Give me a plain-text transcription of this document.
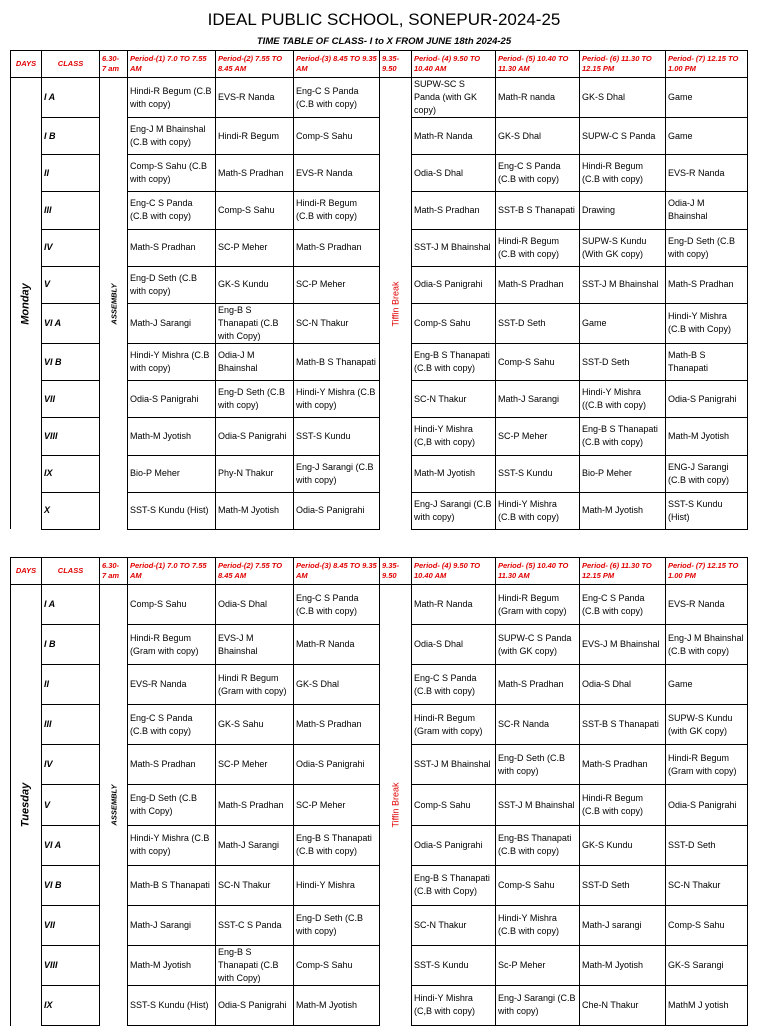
IDEAL PUBLIC SCHOOL, SONEPUR-2024-25
TIME TABLE OF CLASS- I to X FROM JUNE 18th 2024-25
DAYS	CLASS	6.30- 7 am	Period-(1) 7.0 TO 7.55 AM	Period-(2) 7.55 TO 8.45 AM	Period-(3) 8.45 TO 9.35 AM	9.35- 9.50	Period- (4) 9.50 TO 10.40 AM	Period- (5) 10.40 TO 11.30 AM	Period- (6) 11.30 TO 12.15 PM	Period- (7) 12.15 TO 1.00 PM

Monday	I A	ASSEMBLY	Hindi-R Begum (C.B with copy)	EVS-R Nanda	Eng-C S Panda (C.B with copy)	Tiffin Break	SUPW-SC S Panda (with GK copy)	Math-R nanda	GK-S Dhal	Game
	I B		Eng-J M Bhainshal (C.B with copy)	Hindi-R Begum	Comp-S Sahu		Math-R Nanda	GK-S Dhal	SUPW-C S Panda	Game
	II		Comp-S Sahu (C.B with copy)	Math-S Pradhan	EVS-R Nanda		Odia-S Dhal	Eng-C S Panda (C.B with copy)	Hindi-R Begum (C.B with copy)	EVS-R Nanda
	III		Eng-C S Panda (C.B with copy)	Comp-S Sahu	Hindi-R Begum (C.B with copy)		Math-S Pradhan	SST-B S Thanapati	Drawing	Odia-J M Bhainshal
	IV		Math-S Pradhan	SC-P Meher	Math-S Pradhan		SST-J M Bhainshal	Hindi-R Begum (C.B with copy)	SUPW-S Kundu (With GK copy)	Eng-D Seth (C.B with copy)
	V		Eng-D Seth (C.B with copy)	GK-S Kundu	SC-P Meher		Odia-S Panigrahi	Math-S Pradhan	SST-J M Bhainshal	Math-S Pradhan
	VI A		Math-J Sarangi	Eng-B S Thanapati (C.B with Copy)	SC-N Thakur		Comp-S Sahu	SST-D Seth	Game	Hindi-Y Mishra (C.B with Copy)
	VI B		Hindi-Y Mishra (C.B with copy)	Odia-J M Bhainshal	Math-B S Thanapati		Eng-B S Thanapati (C.B with copy)	Comp-S Sahu	SST-D Seth	Math-B S Thanapati
	VII		Odia-S Panigrahi	Eng-D Seth (C.B with copy)	Hindi-Y Mishra (C.B with copy)		SC-N Thakur	Math-J Sarangi	Hindi-Y Mishra ((C.B with copy)	Odia-S Panigrahi
	VIII		Math-M Jyotish	Odia-S Panigrahi	SST-S Kundu		Hindi-Y Mishra (C,B with copy)	SC-P Meher	Eng-B S Thanapati (C.B with copy)	Math-M Jyotish
	IX		Bio-P Meher	Phy-N Thakur	Eng-J Sarangi (C.B with copy)		Math-M Jyotish	SST-S Kundu	Bio-P Meher	ENG-J Sarangi (C.B with copy)
	X		SST-S Kundu (Hist)	Math-M Jyotish	Odia-S Panigrahi		Eng-J Sarangi (C.B with copy)	Hindi-Y Mishra (C.B with copy)	Math-M Jyotish	SST-S Kundu (Hist)
DAYS	CLASS	6.30- 7 am	Period-(1) 7.0 TO 7.55 AM	Period-(2) 7.55 TO 8.45 AM	Period-(3) 8.45 TO 9.35 AM	9.35- 9.50	Period- (4) 9.50 TO 10.40 AM	Period- (5) 10.40 TO 11.30 AM	Period- (6) 11.30 TO 12.15 PM	Period- (7) 12.15 TO 1.00 PM

Tuesday	I A	ASSEMBLY	Comp-S Sahu	Odia-S Dhal	Eng-C S Panda (C.B with copy)	Tiffin Break	Math-R Nanda	Hindi-R Begum (Gram with copy)	Eng-C S Panda (C.B with copy)	EVS-R Nanda
	I B		Hindi-R Begum (Gram with copy)	EVS-J M Bhainshal	Math-R Nanda		Odia-S Dhal	SUPW-C S Panda (with GK copy)	EVS-J M Bhainshal	Eng-J M Bhainshal (C.B with copy)
	II		EVS-R Nanda	Hindi R Begum (Gram with copy)	GK-S Dhal		Eng-C S Panda (C.B with copy)	Math-S Pradhan	Odia-S Dhal	Game
	III		Eng-C S Panda (C.B with copy)	GK-S Sahu	Math-S Pradhan		Hindi-R Begum (Gram with copy)	SC-R Nanda	SST-B S Thanapati	SUPW-S Kundu (with GK copy)
	IV		Math-S Pradhan	SC-P Meher	Odia-S Panigrahi		SST-J M Bhainshal	Eng-D Seth (C.B with copy)	Math-S Pradhan	Hindi-R Begum (Gram with copy)
	V		Eng-D Seth (C.B with Copy)	Math-S Pradhan	SC-P Meher		Comp-S Sahu	SST-J M Bhainshal	Hindi-R Begum (C.B with copy)	Odia-S Panigrahi
	VI A		Hindi-Y Mishra (C.B with copy)	Math-J Sarangi	Eng-B S Thanapati (C.B with copy)		Odia-S Panigrahi	Eng-BS Thanapati (C.B with copy)	GK-S Kundu	SST-D Seth
	VI B		Math-B S Thanapati	SC-N Thakur	Hindi-Y Mishra		Eng-B S Thanapati (C.B with Copy)	Comp-S Sahu	SST-D Seth	SC-N Thakur
	VII		Math-J Sarangi	SST-C S Panda	Eng-D Seth (C.B with copy)		SC-N Thakur	Hindi-Y Mishra (C.B with copy)	Math-J sarangi	Comp-S Sahu
	VIII		Math-M Jyotish	Eng-B S Thanapati (C.B with Copy)	Comp-S Sahu		SST-S Kundu	Sc-P Meher	Math-M Jyotish	GK-S Sarangi
	IX		SST-S Kundu (Hist)	Odia-S Panigrahi	Math-M Jyotish		Hindi-Y Mishra (C,B with copy)	Eng-J Sarangi (C.B with copy)	Che-N Thakur	MathM J yotish
